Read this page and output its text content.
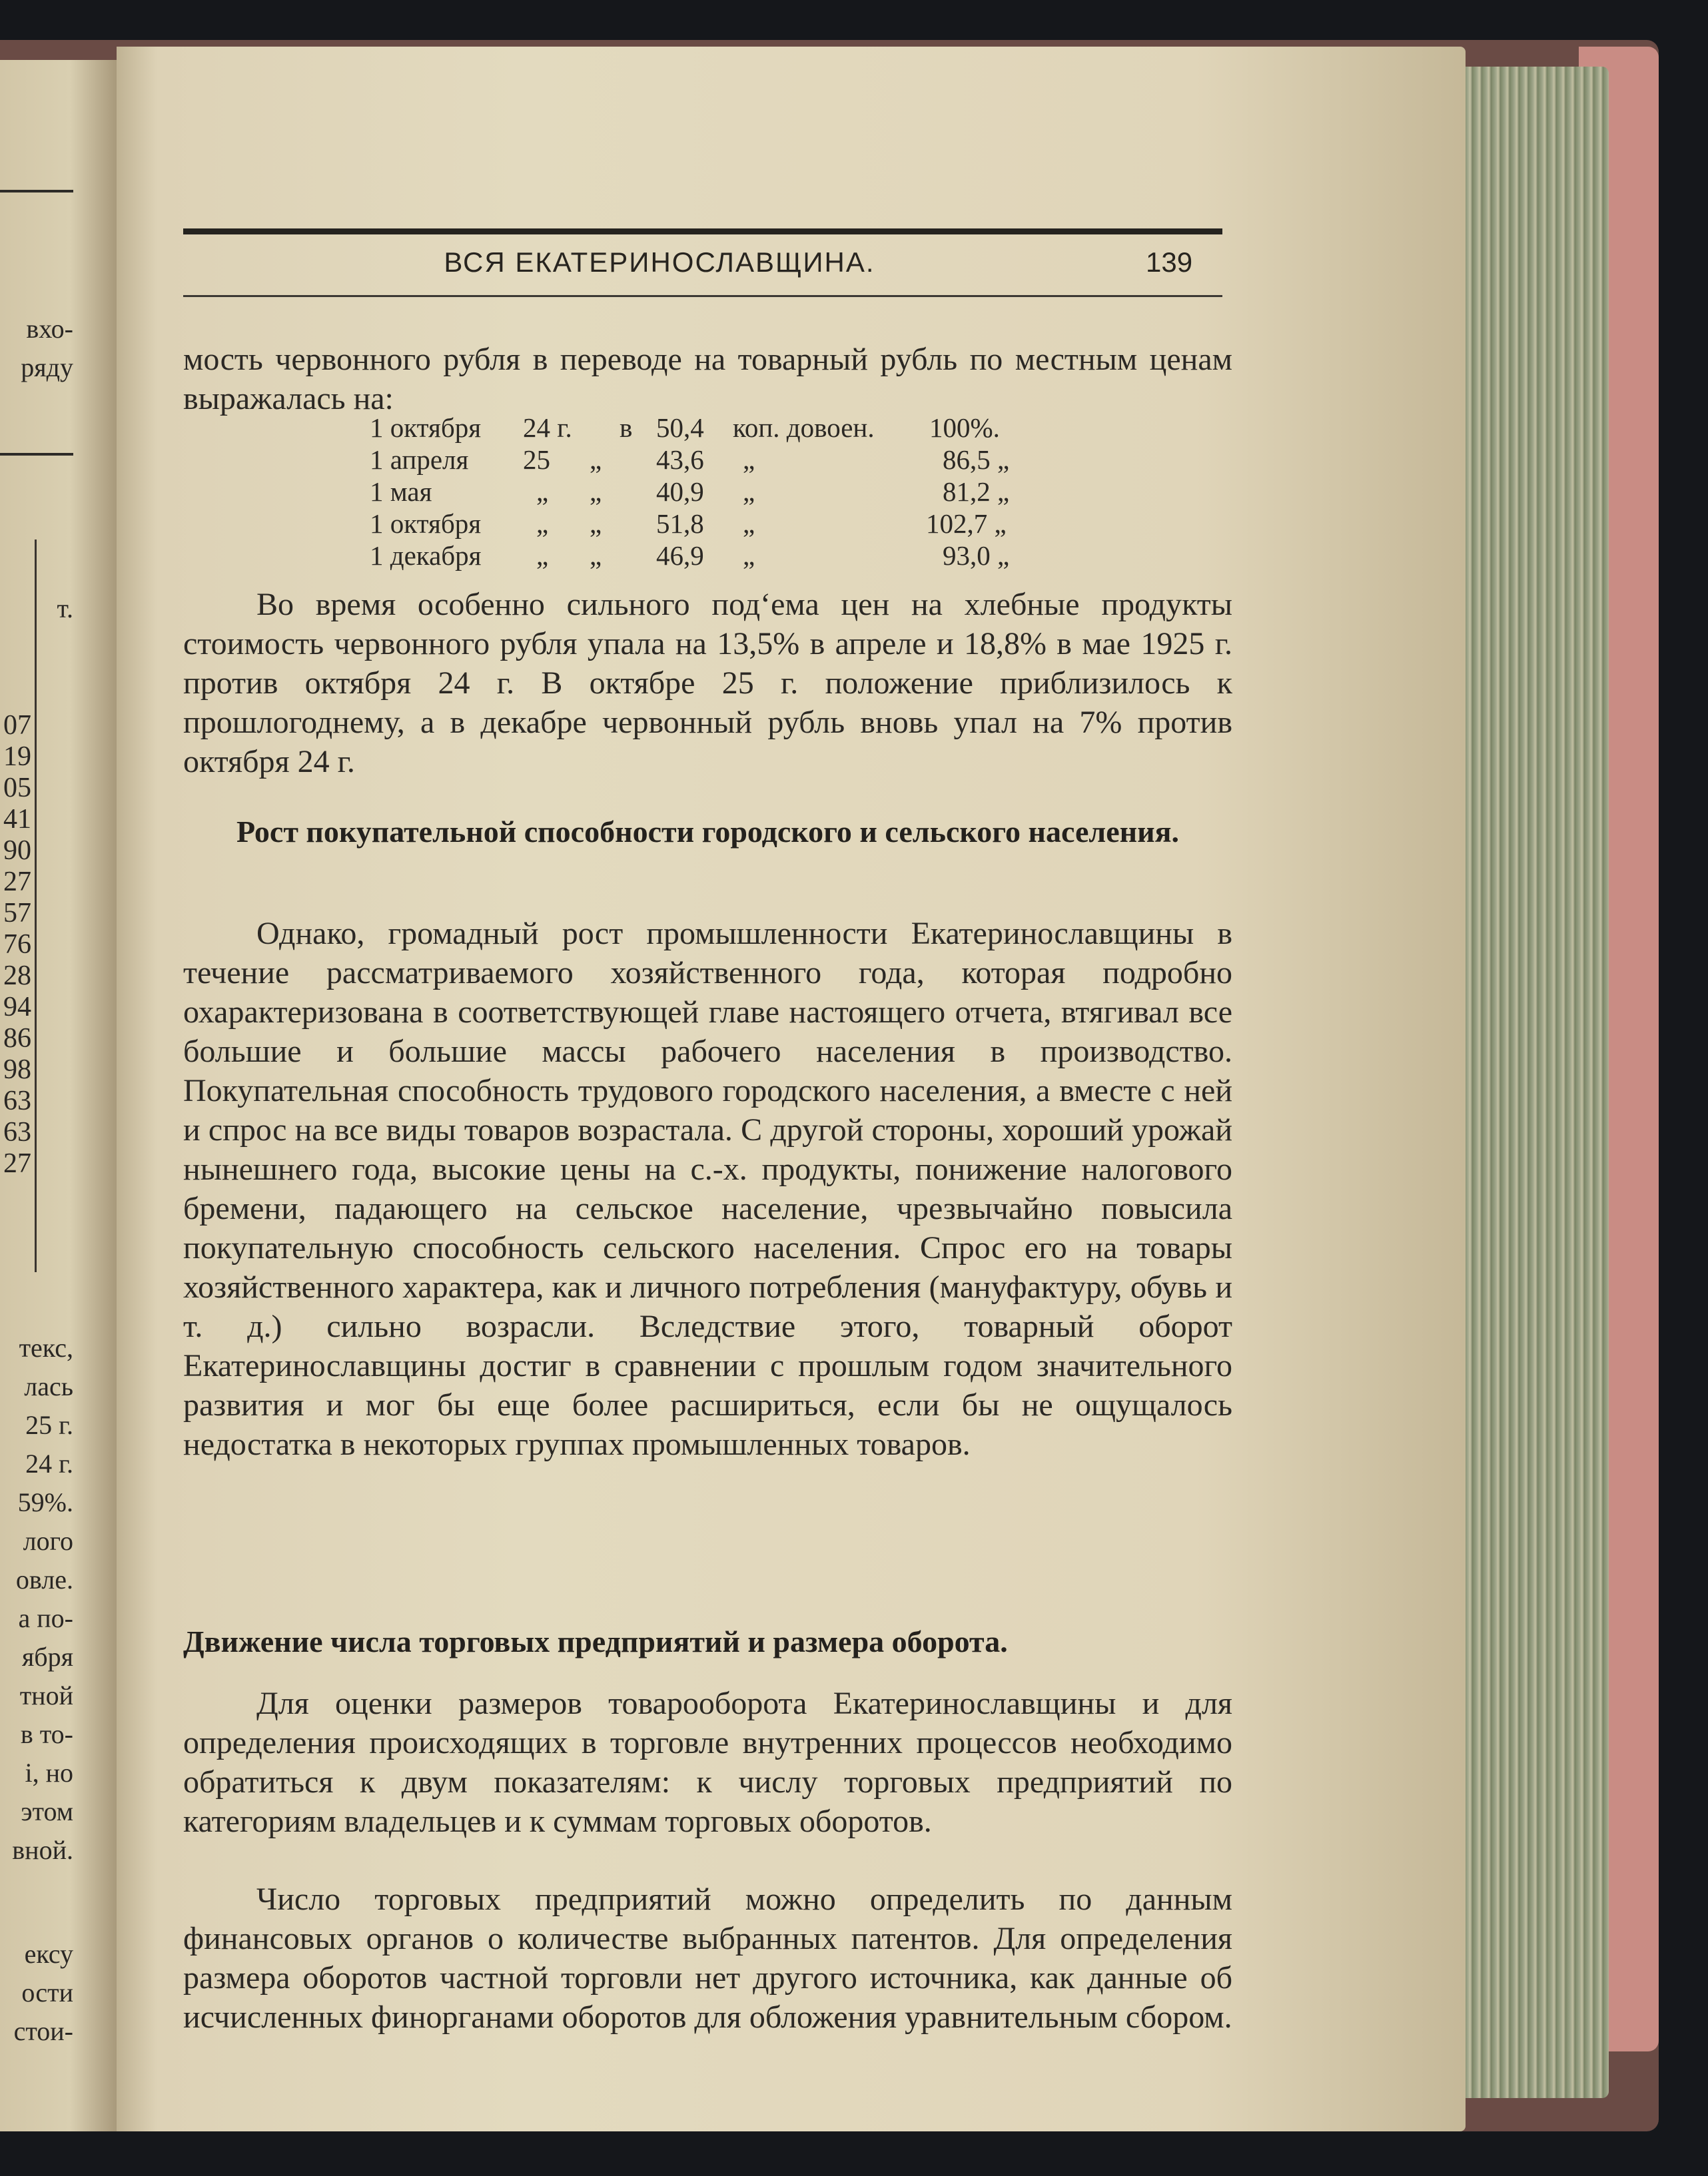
вхо-
ряду
т.
07
19
05
41
90
27
57
76
28
94
86
98
63
63
27
текс,
лась
25 г.
24 г.
59%.
лого
овле.
а по-
ября
тной
в то-
і, но
этом
вной.
ексу
ости
стои-
ВСЯ ЕКАТЕРИНОСЛАВЩИНА.	139

мость червонного рубля в переводе на товарный рубль по местным ценам выражалась на:

1 октября 24 г. в 50,4 коп. довоен. 100%.
1 апреля 25 „ 43,6 „	86,5 „
1 мая	„ „ 40,9 „	81,2 „
1 октября „ „ 51,8 „	102,7 „
1 декабря „ „ 46,9 „	93,0 „

Во время особенно сильного под‘ема цен на хлебные продукты стоимость червонного рубля упала на 13,5% в апреле и 18,8% в мае 1925 г. против октября 24 г. В октябре 25 г. положение приблизилось к прошлогоднему, а в декабре червонный рубль вновь упал на 7% против октября 24 г.

Рост покупательной способности городского и сельского населения.

Однако, громадный рост промышленности Екатеринославщины в течение рассматриваемого хозяйственного года, которая подробно охарактеризована в соответствующей главе настоящего отчета, втягивал все большие и большие массы рабочего населения в производство. Покупательная способность трудового городского населения, а вместе с ней и спрос на все виды товаров возрастала. С другой стороны, хороший урожай нынешнего года, высокие цены на с.-х. продукты, понижение налогового бремени, падающего на сельское население, чрезвычайно повысила покупательную способность сельского населения. Спрос его на товары хозяйственного характера, как и личного потребления (мануфактуру, обувь и т. д.) сильно возрасли. Вследствие этого, товарный оборот Екатеринославщины достиг в сравнении с прошлым годом значительного развития и мог бы еще более расшириться, если бы не ощущалось недостатка в некоторых группах промышленных товаров.

Движение числа торговых предприятий и размера оборота.

Для оценки размеров товарооборота Екатеринославщины и для определения происходящих в торговле внутренних процессов необходимо обратиться к двум показателям: к числу торговых предприятий по категориям владельцев и к суммам торговых оборотов.

Число торговых предприятий можно определить по данным финансовых органов о количестве выбранных патентов. Для определения размера оборотов частной торговли нет другого источника, как данные об исчисленных финорганами оборотов для обложения уравнительным сбором.
